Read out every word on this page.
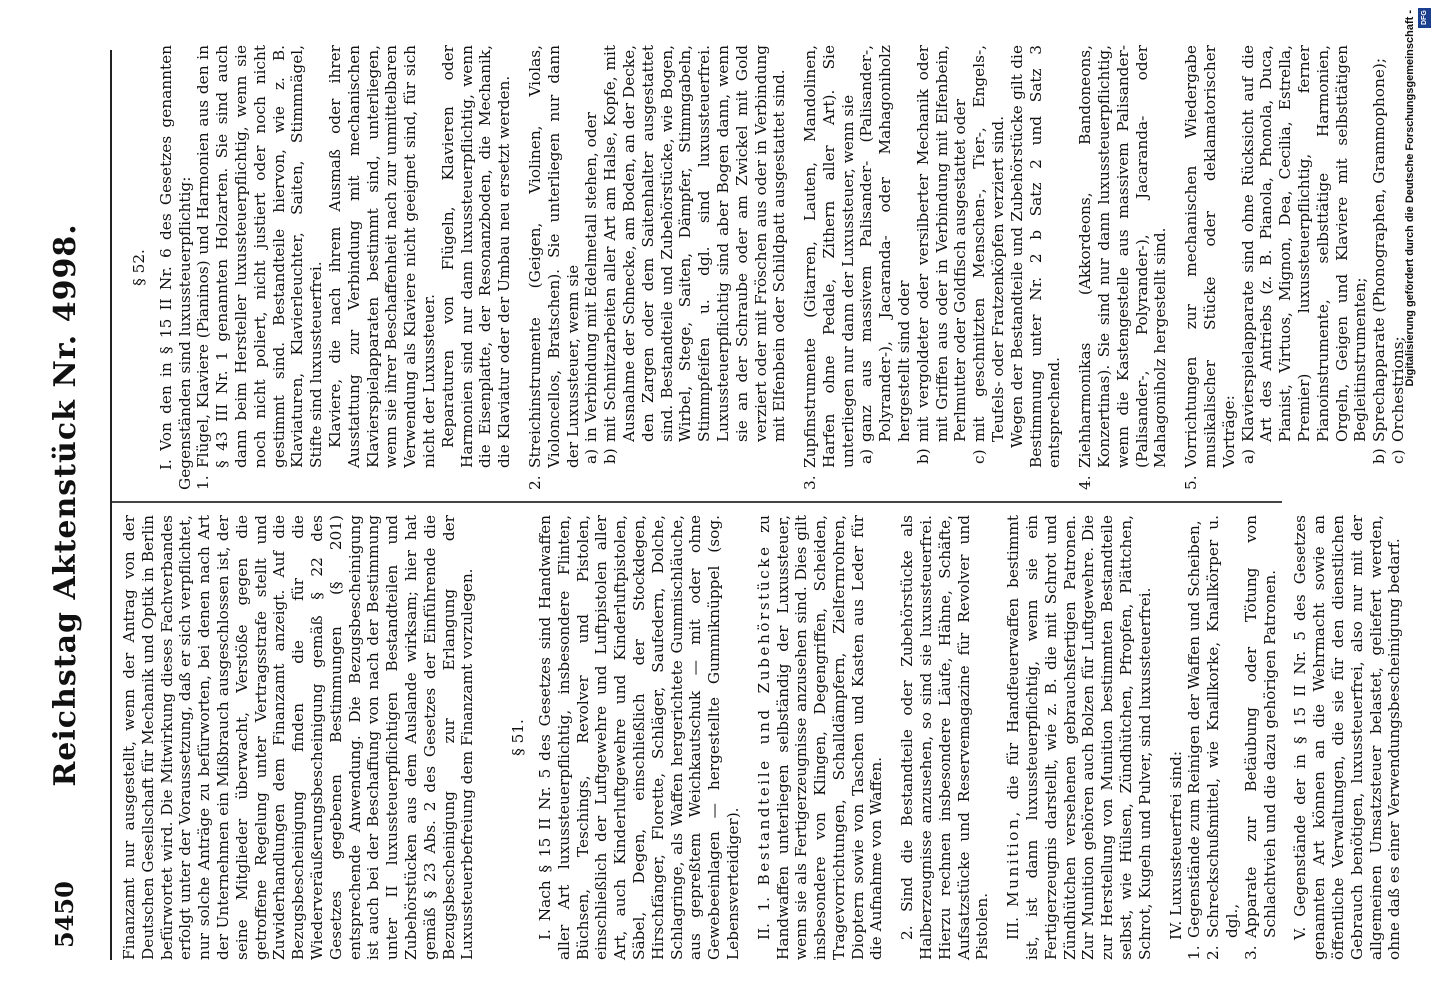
5450
Reichstag Aktenstück Nr. 4998. Finanzamt nur ausgestellt, wenn der Antrag von der Deutschen Gesellschaft für Mechanik und Optik in Berlin befürwortet wird. Die Mitwirkung dieses Fachverbandes erfolgt unter der Voraussetzung, daß er sich verpflichtet, nur solche Anträge zu befürworten, bei denen nach Art der Unternehmen ein Mißbrauch ausgeschlossen ist, der seine Mitglieder überwacht, Verstöße gegen die getroffene Regelung unter Vertragsstrafe stellt und Zuwiderhandlungen dem Finanzamt anzeigt. Auf die Bezugsbescheinigung finden die für die Wiederveräußerungsbescheinigung gemäß § 22 des Gesetzes gegebenen Bestimmungen (§ 201) entsprechende Anwendung. Die Bezugsbescheinigung ist auch bei der Beschaffung von nach der Bestimmung unter II luxussteuerpflichtigen Bestandteilen und Zubehörstücken aus dem Auslande wirksam; hier hat gemäß § 23 Abs. 2 des Gesetzes der Einführende die Bezugsbescheinigung zur Erlangung der Luxussteuerbefreiung dem Finanzamt vorzulegen. § 51. I. Nach § 15 II Nr. 5 des Gesetzes sind Handwaffen aller Art luxussteuerpflichtig, insbesondere Flinten, Büchsen, Teschings, Revolver und Pistolen, einschließlich der Luftgewehre und Luftpistolen aller Art, auch Kinderluftgewehre und Kinderluftpistolen, Säbel, Degen, einschließlich der Stockdegen, Hirschfänger, Florette, Schläger, Saufedern, Dolche, Schlagringe, als Waffen hergerichtete Gummischläuche, aus gepreßtem Weichkautschuk — mit oder ohne Gewebeeinlagen — hergestellte Gummiknüppel (sog. Lebensverteidiger). II. 1. Bestandteile und Zubehörstücke zu Handwaffen unterliegen selbständig der Luxussteuer, wenn sie als Fertigerzeugnisse anzusehen sind. Dies gilt insbesondere von Klingen, Degengriffen, Scheiden, Tragevorrichtungen, Schalldämpfern, Zielfernrohren, Dioptern sowie von Taschen und Kasten aus Leder für die Aufnahme von Waffen. 2. Sind die Bestandteile oder Zubehörstücke als Halberzeugnisse anzusehen, so sind sie luxussteuerfrei. Hierzu rechnen insbesondere Läufe, Hähne, Schäfte, Aufsatzstücke und Reservemagazine für Revolver und Pistolen. III. Munition, die für Handfeuerwaffen bestimmt ist, ist dann luxussteuerpflichtig, wenn sie ein Fertigerzeugnis darstellt, wie z. B. die mit Schrot und Zündhütchen versehenen gebrauchsfertigen Patronen. Zur Munition gehören auch Bolzen für Luftgewehre. Die zur Herstellung von Munition bestimmten Bestandteile selbst, wie Hülsen, Zündhütchen, Pfropfen, Plättchen, Schrot, Kugeln und Pulver, sind luxussteuerfrei. IV. Luxussteuerfrei sind:

1.
Gegenstände zum Reinigen der Waffen und Scheiben,
2.
Schreckschußmittel, wie Knallkorke, Knallkörper u. dgl.,
3.
Apparate zur Betäubung oder Tötung von Schlachtvieh und die dazu gehörigen Patronen. V. Gegenstände der in § 15 II Nr. 5 des Gesetzes genannten Art können an die Wehrmacht sowie an öffentliche Verwaltungen, die sie für den dienstlichen Gebrauch benötigen, luxussteuerfrei, also nur mit der allgemeinen Umsatzsteuer belastet, geliefert werden, ohne daß es einer Verwendungsbescheinigung bedarf.

§ 52. I. Von den in § 15 II Nr. 6 des Gesetzes genannten Gegenständen sind luxussteuerpflichtig: 1.
Flügel, Klaviere (Pianinos) und Harmonien aus den in § 43 III Nr. 1 genannten Holzarten. Sie sind auch dann beim Hersteller luxussteuerpflichtig, wenn sie noch nicht poliert, nicht justiert oder noch nicht gestimmt sind. Bestandteile hiervon, wie z. B. Klaviaturen, Klavierleuchter, Saiten, Stimmnägel, Stifte sind luxussteuerfrei. Klaviere, die nach ihrem Ausmaß oder ihrer Ausstattung zur Verbindung mit mechanischen Klavierspielapparaten bestimmt sind, unterliegen, wenn sie ihrer Beschaffenheit nach zur unmittelbaren Verwendung als Klaviere nicht geeignet sind, für sich nicht der Luxussteuer. Reparaturen von Flügeln, Klavieren oder Harmonien sind nur dann luxussteuerpflichtig, wenn die Eisenplatte, der Resonanzboden, die Mechanik, die Klaviatur oder der Umbau neu ersetzt werden.

2.
Streichinstrumente (Geigen, Violinen, Violas, Violoncellos, Bratschen). Sie unterliegen nur dann der Luxussteuer, wenn sie a)
in Verbindung mit Edelmetall stehen, oder
b)
mit Schnitzarbeiten aller Art am Halse, Kopfe, mit Ausnahme der Schnecke, am Boden, an der Decke, den Zargen oder dem Saitenhalter ausgestattet sind. Bestandteile und Zubehörstücke, wie Bogen, Wirbel, Stege, Saiten, Dämpfer, Stimmgabeln, Stimmpfeifen u. dgl. sind luxussteuerfrei. Luxussteuerpflichtig sind aber Bogen dann, wenn sie an der Schraube oder am Zwickel mit Gold verziert oder mit Fröschen aus oder in Verbindung mit Elfenbein oder Schildpatt ausgestattet sind.
3.
Zupfinstrumente (Gitarren, Lauten, Mandolinen, Harfen ohne Pedale, Zithern aller Art). Sie unterliegen nur dann der Luxussteuer, wenn sie a)
ganz aus massivem Palisander- (Palisander-, Polyrander-), Jacaranda- oder Mahagoniholz hergestellt sind oder
b)
mit vergoldeter oder versilberter Mechanik oder mit Griffen aus oder in Verbindung mit Elfenbein, Perlmutter oder Goldfisch ausgestattet oder
c)
mit geschnitzten Menschen-, Tier-, Engels-, Teufels- oder Fratzenköpfen verziert sind. Wegen der Bestandteile und Zubehörstücke gilt die Bestimmung unter Nr. 2 b Satz 2 und Satz 3 entsprechend.

4.
Ziehharmonikas (Akkordeons, Bandoneons, Konzertinas). Sie sind nur dann luxussteuerpflichtig, wenn die Kastengestelle aus massivem Palisander- (Palisander-, Polyrander-), Jacaranda- oder Mahagoniholz hergestellt sind.
5.
Vorrichtungen zur mechanischen Wiedergabe musikalischer Stücke oder deklamatorischer Vorträge: a)
Klavierspielapparate sind ohne Rücksicht auf die Art des Antriebs (z. B. Pianola, Phonola, Duca, Pianist, Virtuos, Mignon, Dea, Cecilia, Estrella, Premier) luxussteuerpflichtig, ferner Pianoinstrumente, selbsttätige Harmonien, Orgeln, Geigen und Klaviere mit selbsttätigen Begleitinstrumenten;
b)
Sprechapparate (Phonographen, Grammophone);
c)
Orchestrions;
Digitalisierung gefördert durch die Deutsche Forschungsgemeinschaft - DFG
